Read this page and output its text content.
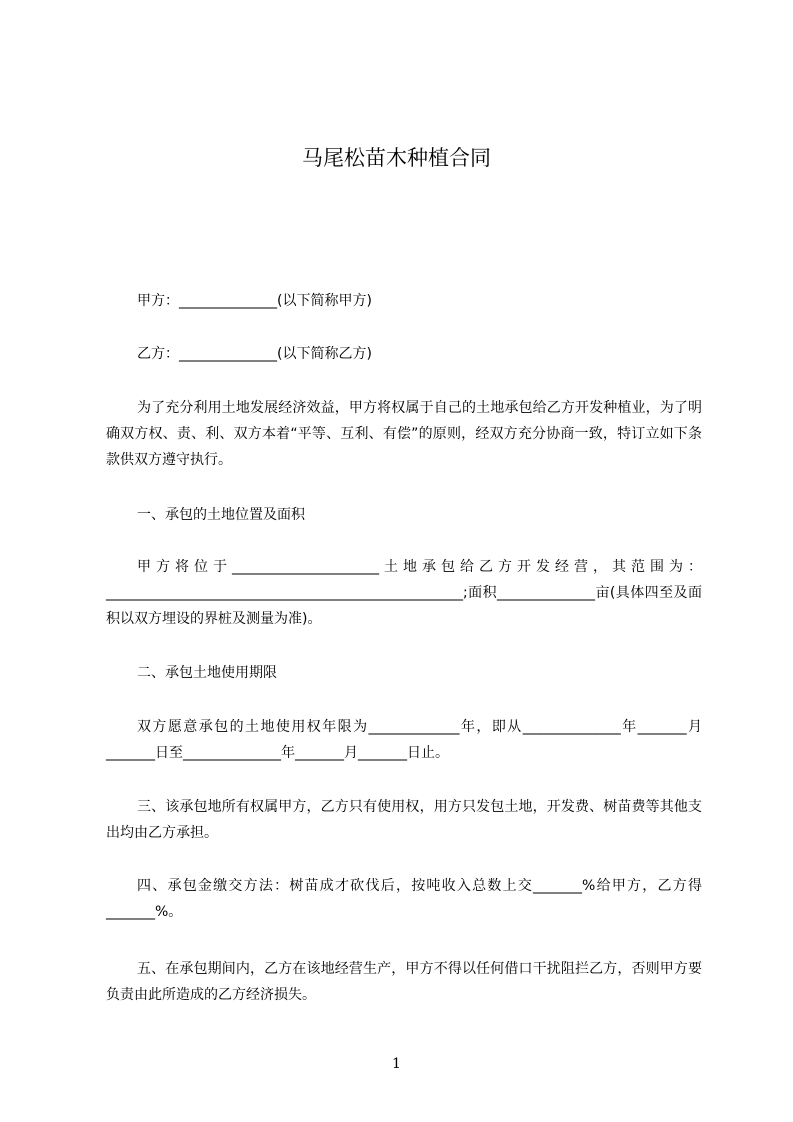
马尾松苗木种植合同
甲方：______________(以下简称甲方)
乙方：______________(以下简称乙方)
为了充分利用土地发展经济效益，甲方将权属于自己的土地承包给乙方开发种植业，为了明确双方权、责、利、双方本着“平等、互利、有偿”的原则，经双方充分协商一致，特订立如下条款供双方遵守执行。
一、承包的土地位置及面积
甲方将位于_____________________土地承包给乙方开发经营，其范围为：___________________________________________________;面积______________亩(具体四至及面积以双方埋设的界桩及测量为准)。
二、承包土地使用期限
双方愿意承包的土地使用权年限为_____________年，即从______________年_______月_______日至______________年_______月_______日止。
三、该承包地所有权属甲方，乙方只有使用权，用方只发包土地，开发费、树苗费等其他支出均由乙方承担。
四、承包金缴交方法：树苗成才砍伐后，按吨收入总数上交_______%给甲方，乙方得_______%。
五、在承包期间内，乙方在该地经营生产，甲方不得以任何借口干扰阻拦乙方，否则甲方要负责由此所造成的乙方经济损失。
1
